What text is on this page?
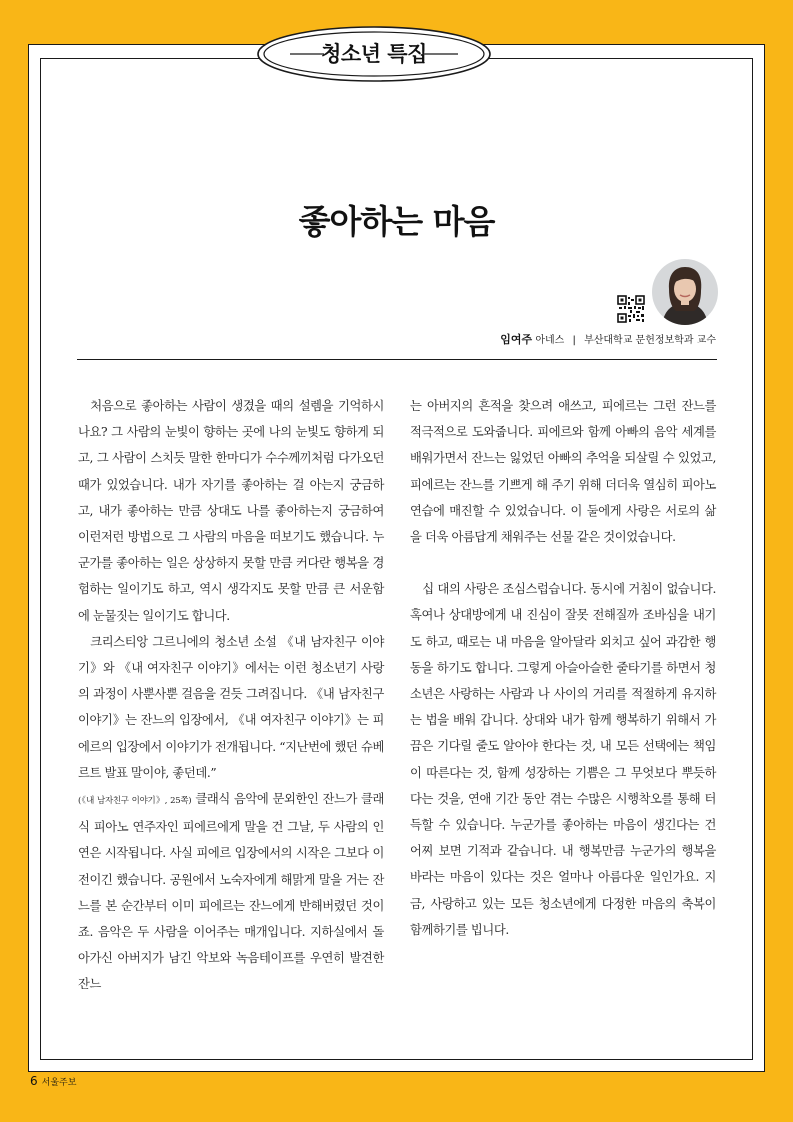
청소년 특집
좋아하는 마음
임여주 아네스 | 부산대학교 문헌정보학과 교수

처음으로 좋아하는 사람이 생겼을 때의 설렘을 기억하시나요? 그 사람의 눈빛이 향하는 곳에 나의 눈빛도 향하게 되고, 그 사람이 스치듯 말한 한마디가 수수께끼처럼 다가오던 때가 있었습니다. 내가 자기를 좋아하는 걸 아는지 궁금하고, 내가 좋아하는 만큼 상대도 나를 좋아하는지 궁금하여 이런저런 방법으로 그 사람의 마음을 떠보기도 했습니다. 누군가를 좋아하는 일은 상상하지 못할 만큼 커다란 행복을 경험하는 일이기도 하고, 역시 생각지도 못할 만큼 큰 서운함에 눈물짓는 일이기도 합니다.

크리스티앙 그르니에의 청소년 소설 《내 남자친구 이야기》와 《내 여자친구 이야기》에서는 이런 청소년기 사랑의 과정이 사뿐사뿐 걸음을 걷듯 그려집니다. 《내 남자친구 이야기》는 잔느의 입장에서, 《내 여자친구 이야기》는 피에르의 입장에서 이야기가 전개됩니다. “지난번에 했던 슈베르트 발표 말이야, 좋던데.”
(《내 남자친구 이야기》, 25쪽) 클래식 음악에 문외한인 잔느가 클래식 피아노 연주자인 피에르에게 말을 건 그날, 두 사람의 인연은 시작됩니다. 사실 피에르 입장에서의 시작은 그보다 이전이긴 했습니다. 공원에서 노숙자에게 해맑게 말을 거는 잔느를 본 순간부터 이미 피에르는 잔느에게 반해버렸던 것이죠. 음악은 두 사람을 이어주는 매개입니다. 지하실에서 돌아가신 아버지가 남긴 악보와 녹음테이프를 우연히 발견한 잔느

는 아버지의 흔적을 찾으려 애쓰고, 피에르는 그런 잔느를 적극적으로 도와줍니다. 피에르와 함께 아빠의 음악 세계를 배워가면서 잔느는 잃었던 아빠의 추억을 되살릴 수 있었고, 피에르는 잔느를 기쁘게 해 주기 위해 더더욱 열심히 피아노 연습에 매진할 수 있었습니다. 이 둘에게 사랑은 서로의 삶을 더욱 아름답게 채워주는 선물 같은 것이었습니다.

십 대의 사랑은 조심스럽습니다. 동시에 거침이 없습니다. 혹여나 상대방에게 내 진심이 잘못 전해질까 조바심을 내기도 하고, 때로는 내 마음을 알아달라 외치고 싶어 과감한 행동을 하기도 합니다. 그렇게 아슬아슬한 줄타기를 하면서 청소년은 사랑하는 사람과 나 사이의 거리를 적절하게 유지하는 법을 배워 갑니다. 상대와 내가 함께 행복하기 위해서 가끔은 기다릴 줄도 알아야 한다는 것, 내 모든 선택에는 책임이 따른다는 것, 함께 성장하는 기쁨은 그 무엇보다 뿌듯하다는 것을, 연애 기간 동안 겪는 수많은 시행착오를 통해 터득할 수 있습니다. 누군가를 좋아하는 마음이 생긴다는 건 어찌 보면 기적과 같습니다. 내 행복만큼 누군가의 행복을 바라는 마음이 있다는 것은 얼마나 아름다운 일인가요. 지금, 사랑하고 있는 모든 청소년에게 다정한 마음의 축복이 함께하기를 빕니다.

6 서울주보
